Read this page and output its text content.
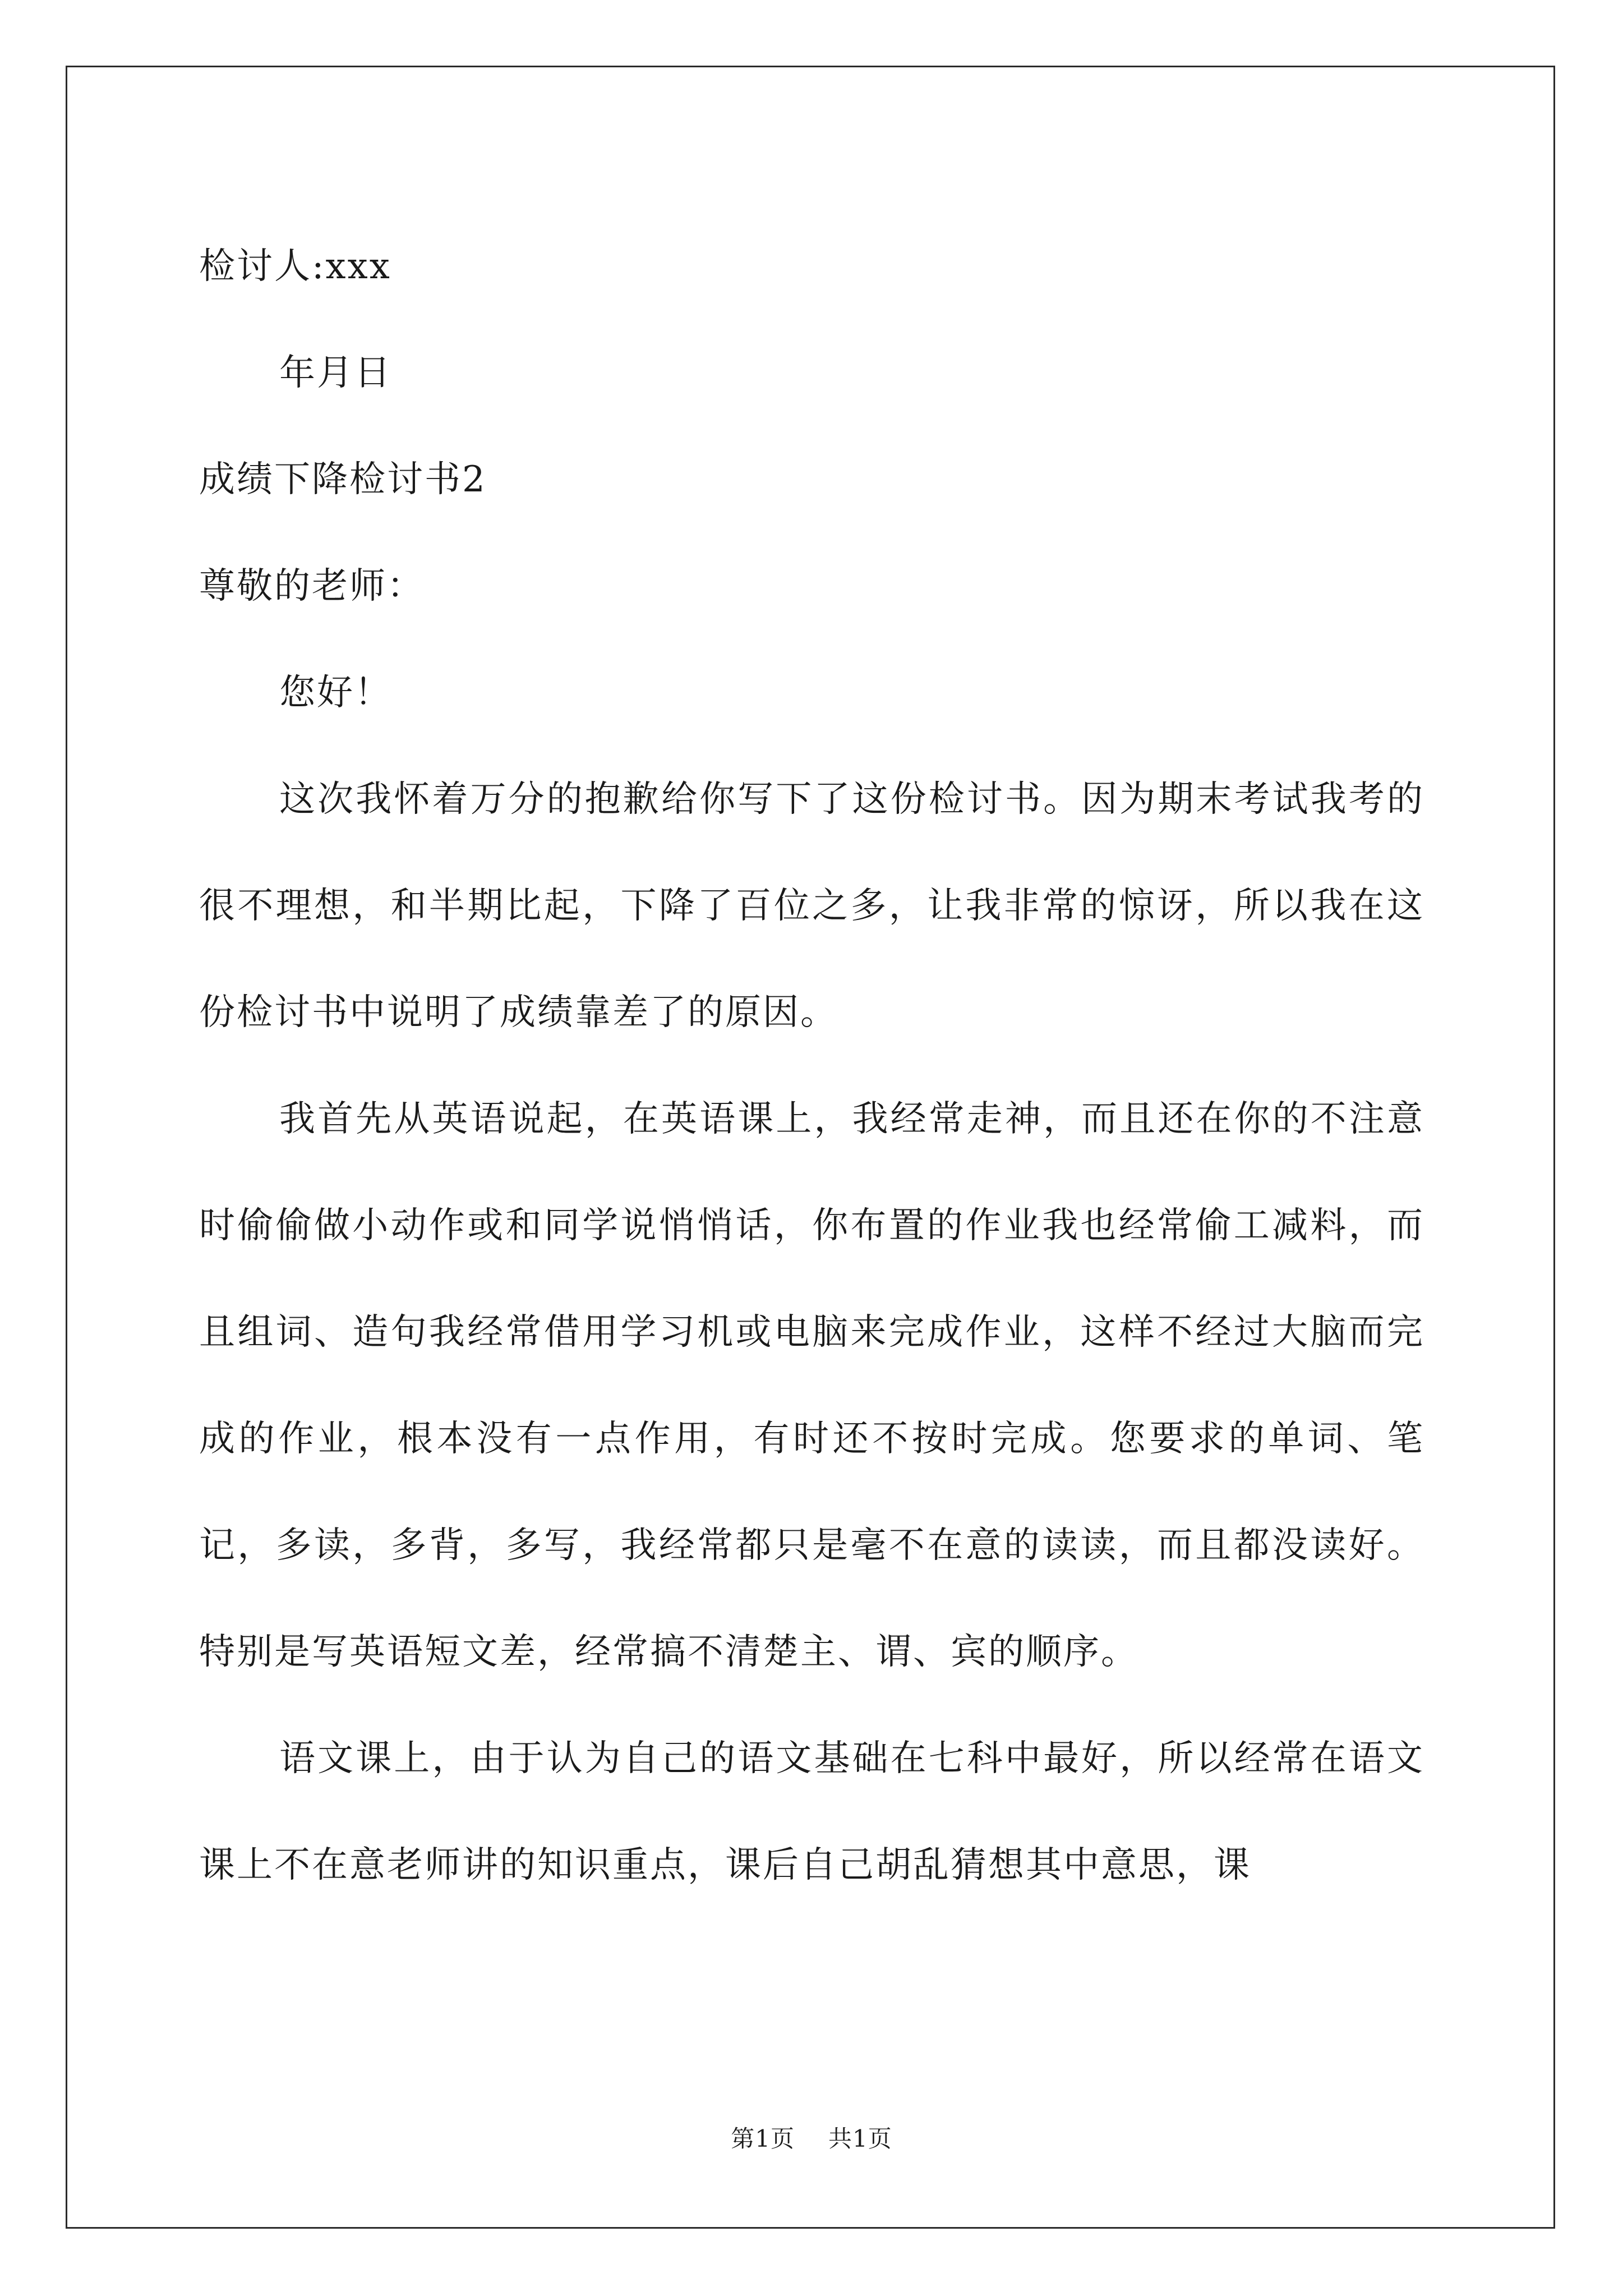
检讨人:xxx
年月日
成绩下降检讨书2
尊敬的老师：
您好！

这次我怀着万分的抱歉给你写下了这份检讨书。因为期末考试我考的很不理想，和半期比起，下降了百位之多，让我非常的惊讶，所以我在这份检讨书中说明了成绩靠差了的原因。

我首先从英语说起，在英语课上，我经常走神，而且还在你的不注意时偷偷做小动作或和同学说悄悄话，你布置的作业我也经常偷工减料，而且组词、造句我经常借用学习机或电脑来完成作业，这样不经过大脑而完成的作业，根本没有一点作用，有时还不按时完成。您要求的单词、笔记，多读，多背，多写，我经常都只是毫不在意的读读，而且都没读好。特别是写英语短文差，经常搞不清楚主、谓、宾的顺序。

语文课上，由于认为自己的语文基础在七科中最好，所以经常在语文课上不在意老师讲的知识重点，课后自己胡乱猜想其中意思，课

第1页 共1页
